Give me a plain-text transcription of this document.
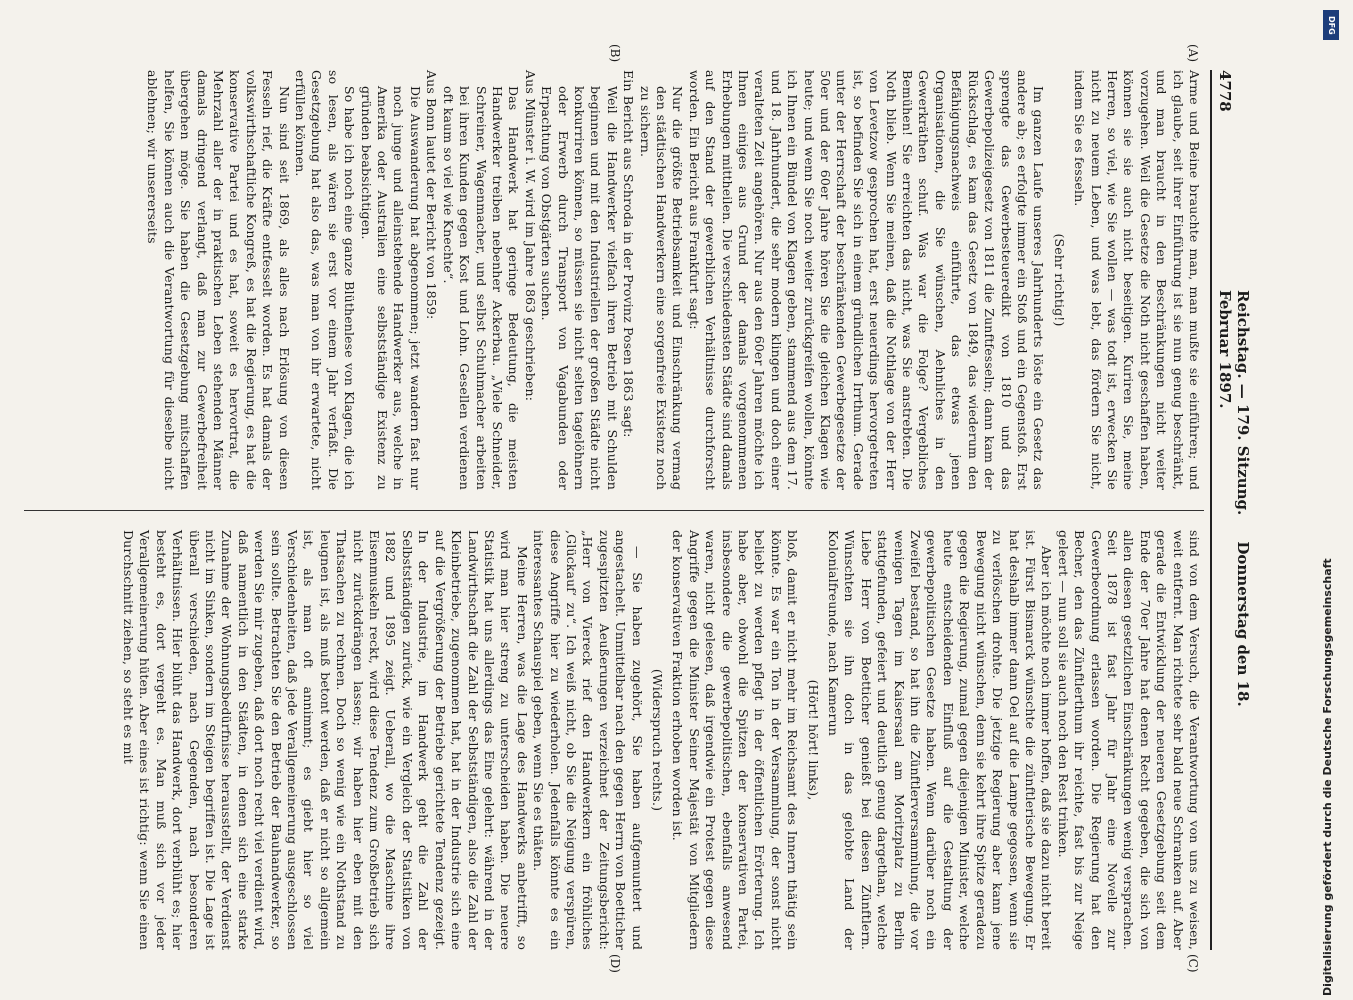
4778
Reichstag. — 179. Sitzung.     Donnerstag den 18. Februar 1897.
(A)
(B)
(C)
(D)

Arme und Beine brauchte man, man mußte sie einführen; und ich glaube, seit ihrer Einführung ist sie nun genug beschränkt, und man braucht in den Beschränkungen nicht weiter vorzugehen. Weil die Gesetze die Noth nicht geschaffen haben, können sie sie auch nicht beseitigen. Kuriren Sie, meine Herren, so viel, wie Sie wollen — was todt ist, erwecken Sie nicht zu neuem Leben, und was lebt, das fördern Sie nicht, indem Sie es fesseln.

(Sehr richtig!)

Im ganzen Laufe unseres Jahrhunderts löste ein Gesetz das andere ab; es erfolgte immer ein Stoß und ein Gegenstoß. Erst sprengte das Gewerbesteueredikt von 1810 und das Gewerbepolizeigesetz von 1811 die Zunftfesseln; dann kam der Rückschlag, es kam das Gesetz von 1849, das wiederum den Befähigungsnachweis einführte, das etwas jenen Organisationen, die Sie wünschen, Aehnliches in den Gewerkräthen schuf. Was war die Folge? Vergebliches Bemühen! Sie erreichten das nicht, was Sie anstrebten. Die Noth blieb. Wenn Sie meinen, daß die Nothlage von der Herr von Levetzow gesprochen hat, erst neuerdings hervorgetreten ist, so befinden Sie sich in einem gründlichen Irrthum. Gerade unter der Herrschaft der beschränkenden Gewerbegesetze der 50er und der 60er Jahre hören Sie die gleichen Klagen wie heute; und wenn Sie noch weiter zurückgreifen wollen, könnte ich Ihnen ein Bündel von Klagen geben, stammend aus dem 17. und 18. Jahrhundert, die sehr modern klingen und doch einer veralteten Zeit angehören. Nur aus den 60er Jahren möchte ich Ihnen einiges aus Grund der damals vorgenommenen Erhebungen mittheilen. Die verschiedensten Städte sind damals auf den Stand der gewerblichen Verhältnisse durchforscht worden. Ein Bericht aus Frankfurt sagt:

Nur die größte Betriebsamkeit und Einschränkung vermag den städtischen Handwerkern eine sorgenfreie Existenz noch zu sichern.

Ein Bericht aus Schroda in der Provinz Posen 1863 sagt:

Weil die Handwerker vielfach ihren Betrieb mit Schulden beginnen und mit den Industriellen der großen Städte nicht konkurriren können, so müssen sie nicht selten tagelöhnern oder Erwerb durch Transport von Vagabunden oder Erpachtung von Obstgärten suchen.

Aus Münster i. W. wird im Jahre 1863 geschrieben:

Das Handwerk hat geringe Bedeutung, die meisten Handwerker treiben nebenher Ackerbau. „Viele Schneider, Schreiner, Wagenmacher, und selbst Schuhmacher arbeiten bei ihren Kunden gegen Kost und Lohn. Gesellen verdienen oft kaum so viel wie Knechte“.

Aus Bonn lautet der Bericht von 1859:

Die Auswanderung hat abgenommen; jetzt wandern fast nur noch junge und alleinstehende Handwerker aus, welche in Amerika oder Australien eine selbstständige Existenz zu gründen beabsichtigen.

So habe ich noch eine ganze Blüthenlese von Klagen, die ich so lesen, als wären sie erst vor einem Jahr verfaßt. Die Gesetzgebung hat also das, was man von ihr erwartete, nicht erfüllen können.

Nun sind seit 1869, als alles nach Erlösung von diesen Fesseln rief, die Kräfte entfesselt worden. Es hat damals der volkswirthschaftliche Kongreß, es hat die Regierung, es hat die konservative Partei und es hat, soweit es hervortrat, die Mehrzahl aller der in praktischen Leben stehenden Männer damals dringend verlangt, daß man zur Gewerbefreiheit übergehen möge. Sie haben die Gesetzgebung mitschaffen helfen, Sie können auch die Verantwortung für dieselbe nicht ablehnen; wir unsererseits

sind von dem Versuch, die Verantwortung von uns zu weisen, weit entfernt. Man richtete sehr bald neue Schranken auf. Aber gerade die Entwicklung der neueren Gesetzgebung seit dem Ende der 70er Jahre hat denen Recht gegeben, die sich von allen diesen gesetzlichen Einschränkungen wenig versprachen. Seit 1878 ist fast Jahr für Jahr eine Novelle zur Gewerbeordnung erlassen worden. Die Regierung hat den Becher, den das Zünftlerthum ihr reichte, fast bis zur Neige geleert — nun soll sie auch noch den Rest trinken.

Aber ich möchte noch immer hoffen, daß sie dazu nicht bereit ist. Fürst Bismarck wünschte die zünftlerische Bewegung. Er hat deshalb immer dann Oel auf die Lampe gegossen, wenn sie zu verlöschen drohte. Die jetzige Regierung aber kann jene Bewegung nicht wünschen, denn sie kehrt ihre Spitze geradezu gegen die Regierung, zumal gegen diejenigen Minister, welche heute entscheidenden Einfluß auf die Gestaltung der gewerbepolitischen Gesetze haben. Wenn darüber noch ein Zweifel bestand, so hat ihn die Zünftlerversammlung, die vor wenigen Tagen im Kaisersaal am Moritzplatz zu Berlin stattgefunden, gefeiert und deutlich genug dargethan, welche Liebe Herr von Boetticher genießt bei diesen Zünftlern. Wünschten sie ihn doch in das gelobte Land der Kolonialfreunde, nach Kamerun

(Hört! hört! links),

bloß, damit er nicht mehr im Reichsamt des Innern thätig sein könnte. Es war ein Ton in der Versammlung, der sonst nicht beliebt zu werden pflegt in der öffentlichen Erörterung. Ich habe aber, obwohl die Spitzen der konservativen Partei, insbesondere die gewerbepolitischen, ebenfalls anwesend waren, nicht gelesen, daß irgendwie ein Protest gegen diese Angriffe gegen die Minister Seiner Majestät von Mitgliedern der konservativen Fraktion erhoben worden ist.

(Widerspruch rechts.)

— Sie haben zugehört, Sie haben aufgemuntert und angestachelt. Unmittelbar nach den gegen Herrn von Boetticher zugespitzten Aeußerungen verzeichnet der Zeitungsbericht: „Herr von Viereck rief den Handwerkern ein fröhliches ‚Glückauf‘ zu“. Ich weiß nicht, ob Sie die Neigung verspüren, diese Angriffe hier zu wiederholen. Jedenfalls könnte es ein interessantes Schauspiel geben, wenn Sie es thäten.

Meine Herren, was die Lage des Handwerks anbetrifft, so wird man hier streng zu unterscheiden haben. Die neuere Statistik hat uns allerdings das Eine gelehrt: während in der Landwirthschaft die Zahl der Selbstständigen, also die Zahl der Kleinbetriebe, zugenommen hat, hat in der Industrie sich eine auf die Vergrößerung der Betriebe gerichtete Tendenz gezeigt. In der Industrie, im Handwerk geht die Zahl der Selbstständigen zurück, wie ein Vergleich der Statistiken von 1882 und 1895 zeigt. Ueberall, wo die Maschine ihre Eisenmuskeln reckt, wird diese Tendenz zum Großbetrieb sich nicht zurückdrängen lassen; wir haben hier eben mit den Thatsachen zu rechnen. Doch so wenig wie ein Nothstand zu leugnen ist, als muß betont werden, daß er nicht so allgemein ist, als man oft annimmt; es giebt hier so viel Verschiedenheiten, daß jede Verallgemeinerung ausgeschlossen sein sollte. Betrachten Sie den Betrieb der Bauhandwerker, so werden Sie mir zugeben, daß dort noch recht viel verdient wird, daß namentlich in den Städten, in denen sich eine starke Zunahme der Wohnungsbedürfnisse herausstellt, der Verdienst nicht im Sinken, sondern im Steigen begriffen ist. Die Lage ist überall verschieden, nach Gegenden, nach besonderen Verhältnissen. Hier blüht das Handwerk, dort verblüht es; hier besteht es, dort vergeht es. Man muß sich vor jeder Verallgemeinerung hüten. Aber eines ist richtig: wenn Sie einen Durchschnitt ziehen, so steht es mit

DFG
Digitalisierung gefördert durch die Deutsche Forschungsgemeinschaft
